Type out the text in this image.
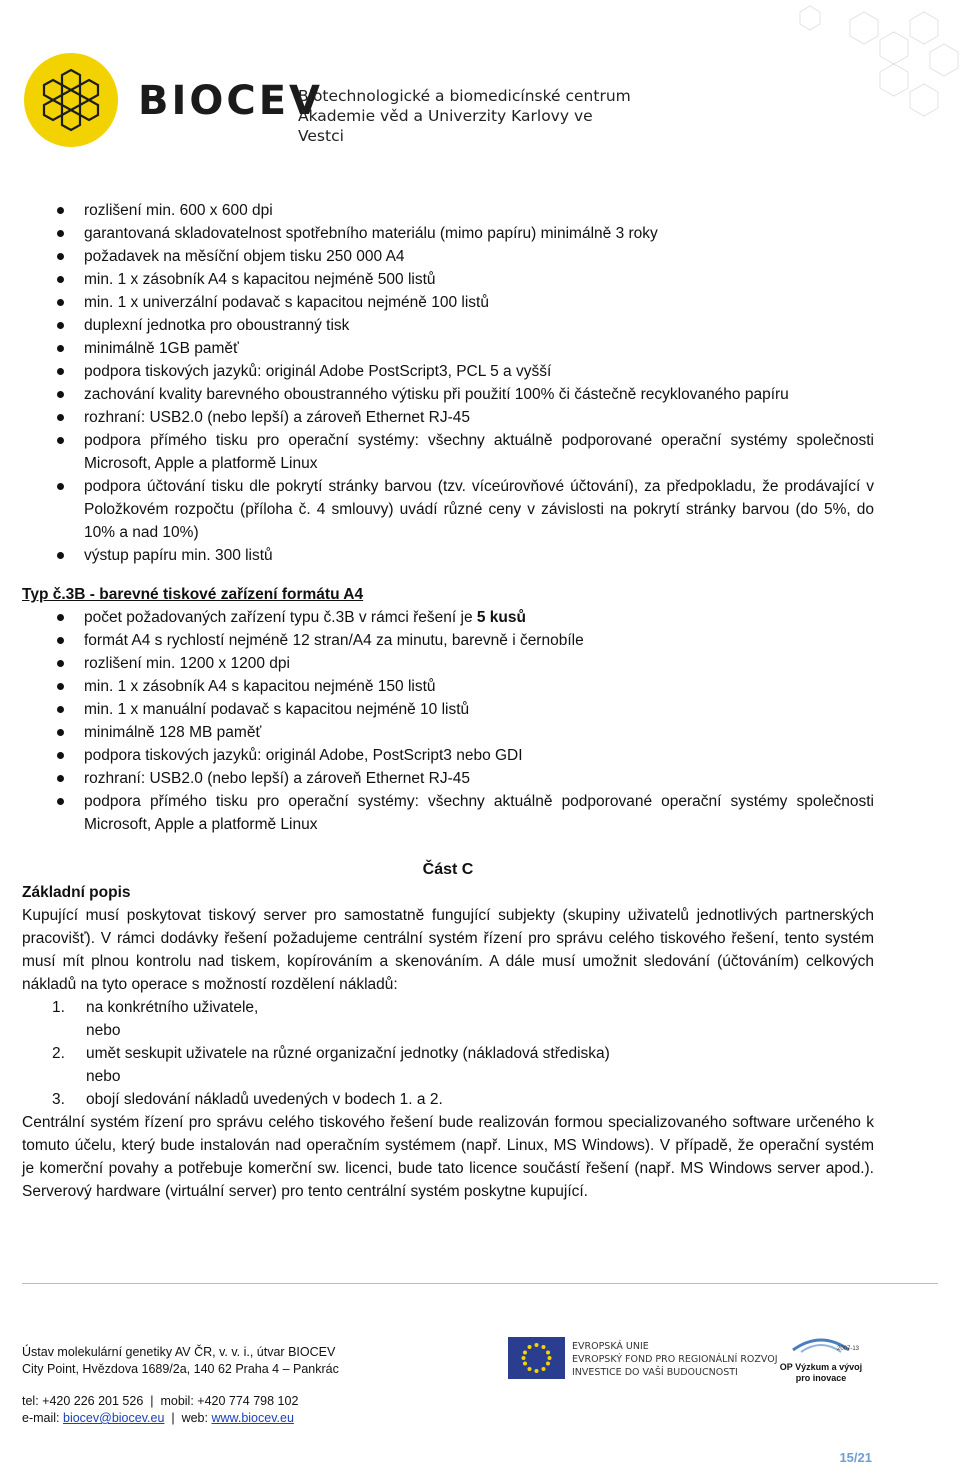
BIOCEV
Biotechnologické a biomedicínské centrum
Akademie věd a Univerzity Karlovy ve Vestci
rozlišení min. 600 x 600 dpi
garantovaná skladovatelnost spotřebního materiálu (mimo papíru) minimálně 3 roky
požadavek na měsíční objem tisku 250 000 A4
min. 1 x zásobník A4 s kapacitou nejméně 500 listů
min. 1 x univerzální podavač s kapacitou nejméně 100 listů
duplexní jednotka pro oboustranný tisk
minimálně 1GB paměť
podpora tiskových jazyků: originál Adobe PostScript3, PCL 5 a vyšší
zachování kvality barevného oboustranného výtisku při použití 100% či částečně recyklovaného papíru
rozhraní: USB2.0 (nebo lepší) a zároveň Ethernet RJ-45
podpora přímého tisku pro operační systémy: všechny aktuálně podporované operační systémy společnosti Microsoft, Apple a platformě Linux
podpora účtování tisku dle pokrytí stránky barvou (tzv. víceúrovňové účtování), za předpokladu, že prodávající v Položkovém rozpočtu (příloha č. 4 smlouvy) uvádí různé ceny v závislosti na pokrytí stránky barvou (do 5%, do 10% a nad 10%)
výstup papíru min. 300 listů
Typ č.3B - barevné tiskové zařízení formátu A4
počet požadovaných zařízení typu č.3B v rámci řešení je 5 kusů
formát A4 s rychlostí nejméně 12 stran/A4 za minutu, barevně i černobíle
rozlišení min. 1200 x 1200 dpi
min. 1 x zásobník A4 s kapacitou nejméně 150 listů
min. 1 x manuální podavač s kapacitou nejméně 10 listů
minimálně 128 MB paměť
podpora tiskových jazyků: originál Adobe, PostScript3 nebo GDI
rozhraní: USB2.0 (nebo lepší) a zároveň Ethernet RJ-45
podpora přímého tisku pro operační systémy: všechny aktuálně podporované operační systémy společnosti Microsoft, Apple a platformě Linux
Část C
Základní popis
Kupující musí poskytovat tiskový server pro samostatně fungující subjekty (skupiny uživatelů jednotlivých partnerských pracovišť). V rámci dodávky řešení požadujeme centrální systém řízení pro správu celého tiskového řešení, tento systém musí mít plnou kontrolu nad tiskem, kopírováním a skenováním. A dále musí umožnit sledování (účtováním) celkových nákladů na tyto operace s možností rozdělení nákladů:
1. na konkrétního uživatele,
nebo
2. umět seskupit uživatele na různé organizační jednotky (nákladová střediska)
nebo
3. obojí sledování nákladů uvedených v bodech 1. a 2.
Centrální systém řízení pro správu celého tiskového řešení bude realizován formou specializovaného software určeného k tomuto účelu, který bude instalován nad operačním systémem (např. Linux, MS Windows). V případě, že operační systém je komerční povahy a potřebuje komerční sw. licenci, bude tato licence součástí řešení (např. MS Windows server apod.). Serverový hardware (virtuální server) pro tento centrální systém poskytne kupující.
Ústav molekulární genetiky AV ČR, v. v. i., útvar BIOCEV
City Point, Hvězdova 1689/2a, 140 62 Praha 4 – Pankrác
tel: +420 226 201 526 | mobil: +420 774 798 102
e-mail: biocev@biocev.eu | web: www.biocev.eu
EVROPSKÁ UNIE
EVROPSKÝ FOND PRO REGIONÁLNÍ ROZVOJ
INVESTICE DO VAŠÍ BUDOUCNOSTI
2007-13
OP Výzkum a vývoj
pro inovace
15/21
